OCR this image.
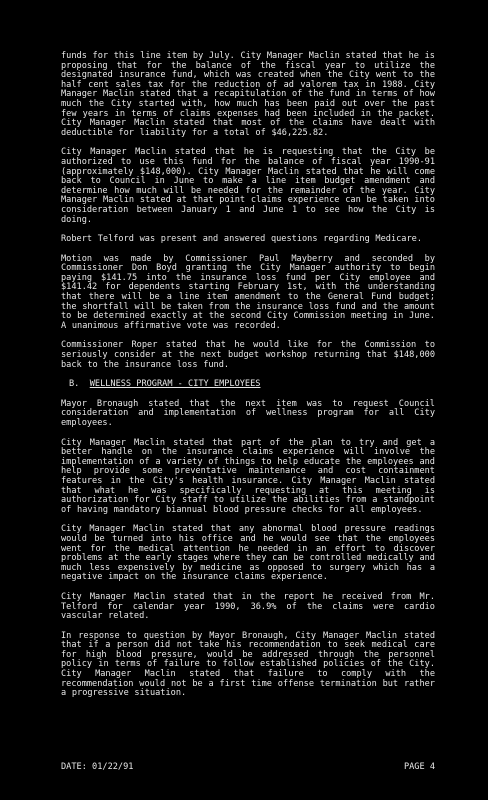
funds for this line item by July. City Manager Maclin stated that he is proposing that for the balance of the fiscal year to utilize the designated insurance fund, which was created when the City went to the half cent sales tax for the reduction of ad valorem tax in 1988. City Manager Maclin stated that a recapitulation of the fund in terms of how much the City started with, how much has been paid out over the past few years in terms of claims expenses had been included in the packet. City Manager Maclin stated that most of the claims have dealt with deductible for liability for a total of $46,225.82.

City Manager Maclin stated that he is requesting that the City be authorized to use this fund for the balance of fiscal year 1990-91 (approximately $148,000). City Manager Maclin stated that he will come back to Council in June to make a line item budget amendment and determine how much will be needed for the remainder of the year. City Manager Maclin stated at that point claims experience can be taken into consideration between January 1 and June 1 to see how the City is doing.

Robert Telford was present and answered questions regarding Medicare.

Motion was made by Commissioner Paul Mayberry and seconded by Commissioner Don Boyd granting the City Manager authority to begin paying $141.75 into the insurance loss fund per City employee and $141.42 for dependents starting February 1st, with the understanding that there will be a line item amendment to the General Fund budget; the shortfall will be taken from the insurance loss fund and the amount to be determined exactly at the second City Commission meeting in June. A unanimous affirmative vote was recorded.

Commissioner Roper stated that he would like for the Commission to seriously consider at the next budget workshop returning that $148,000 back to the insurance loss fund.

B. WELLNESS PROGRAM - CITY EMPLOYEES

Mayor Bronaugh stated that the next item was to request Council consideration and implementation of wellness program for all City employees.

City Manager Maclin stated that part of the plan to try and get a better handle on the insurance claims experience will involve the implementation of a variety of things to help educate the employees and help provide some preventative maintenance and cost containment features in the City's health insurance. City Manager Maclin stated that what he was specifically requesting at this meeting is authorization for City staff to utilize the abilities from a standpoint of having mandatory biannual blood pressure checks for all employees.

City Manager Maclin stated that any abnormal blood pressure readings would be turned into his office and he would see that the employees went for the medical attention he needed in an effort to discover problems at the early stages where they can be controlled medically and much less expensively by medicine as opposed to surgery which has a negative impact on the insurance claims experience.

City Manager Maclin stated that in the report he received from Mr. Telford for calendar year 1990, 36.9% of the claims were cardio vascular related.

In response to question by Mayor Bronaugh, City Manager Maclin stated that if a person did not take his recommendation to seek medical care for high blood pressure, would be addressed through the personnel policy in terms of failure to follow established policies of the City. City Manager Maclin stated that failure to comply with the recommendation would not be a first time offense termination but rather a progressive situation.

DATE: 01/22/91	PAGE 4
